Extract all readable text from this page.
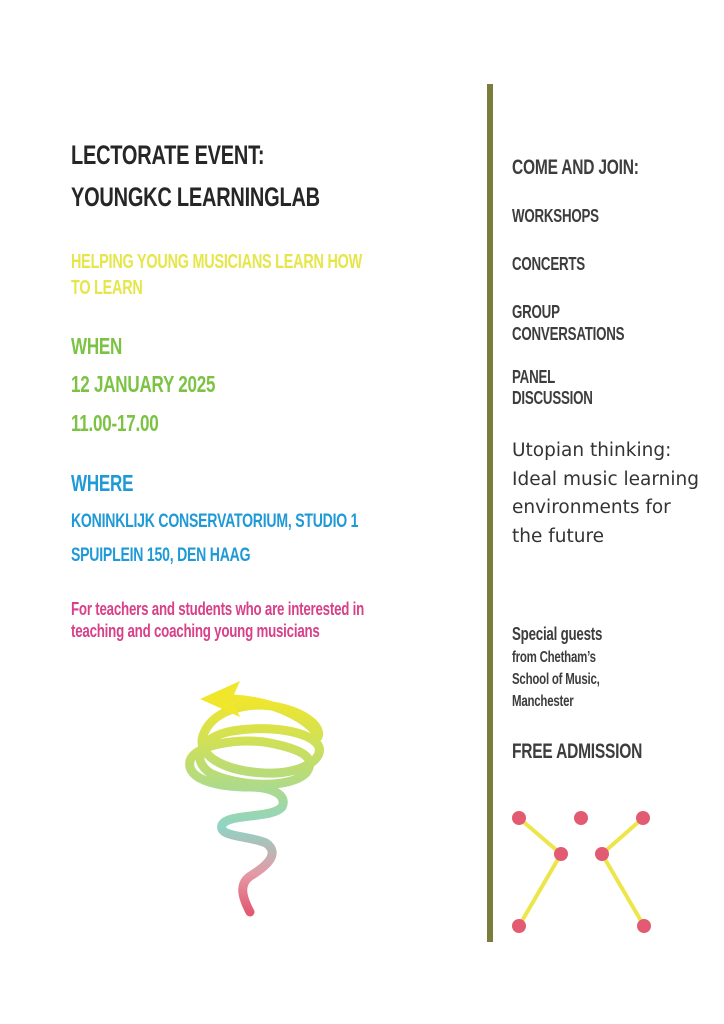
LECTORATE EVENT:
YOUNGKC LEARNINGLAB
HELPING YOUNG MUSICIANS LEARN HOW
TO LEARN
WHEN
12 JANUARY 2025
11.00-17.00
WHERE
KONINKLIJK CONSERVATORIUM, STUDIO 1
SPUIPLEIN 150, DEN HAAG
For teachers and students who are interested in
teaching and coaching young musicians
COME AND JOIN:
WORKSHOPS
CONCERTS
GROUP
CONVERSATIONS
PANEL
DISCUSSION
Utopian thinking: Ideal music learning environments for the future
Special guests
from Chetham’s
School of Music,
Manchester
FREE ADMISSION
